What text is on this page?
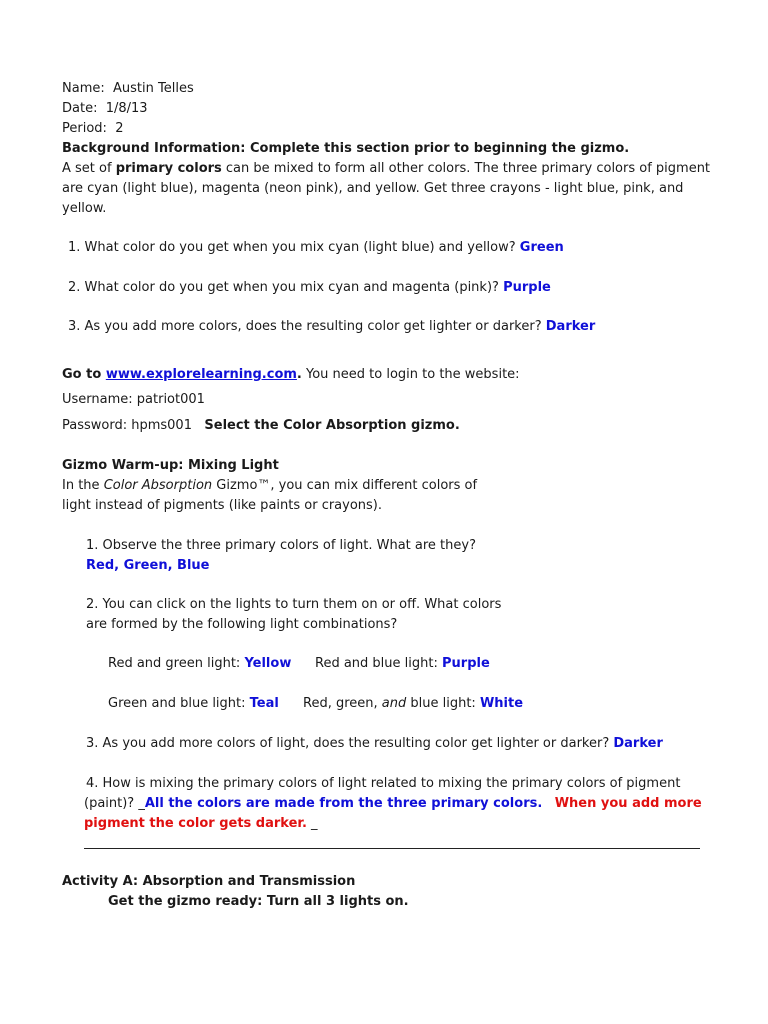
Name: Austin Telles
Date: 1/8/13
Period: 2
Background Information: Complete this section prior to beginning the gizmo.
A set of primary colors can be mixed to form all other colors. The three primary colors of pigment
are cyan (light blue), magenta (neon pink), and yellow. Get three crayons - light blue, pink, and
yellow.
1. What color do you get when you mix cyan (light blue) and yellow? Green
2. What color do you get when you mix cyan and magenta (pink)? Purple
3. As you add more colors, does the resulting color get lighter or darker? Darker
Go to www.explorelearning.com. You need to login to the website:
Username: patriot001
Password: hpms001 Select the Color Absorption gizmo.
Gizmo Warm-up: Mixing Light
In the Color Absorption Gizmo™, you can mix different colors of
light instead of pigments (like paints or crayons).
1. Observe the three primary colors of light. What are they?
Red, Green, Blue
2. You can click on the lights to turn them on or off. What colors
are formed by the following light combinations?
Red and green light: Yellow Red and blue light: Purple
Green and blue light: Teal Red, green, and blue light: White
3. As you add more colors of light, does the resulting color get lighter or darker? Darker
4. How is mixing the primary colors of light related to mixing the primary colors of pigment
(paint)? _All the colors are made from the three primary colors. When you add more
pigment the color gets darker. _
Activity A: Absorption and Transmission
Get the gizmo ready: Turn all 3 lights on.
